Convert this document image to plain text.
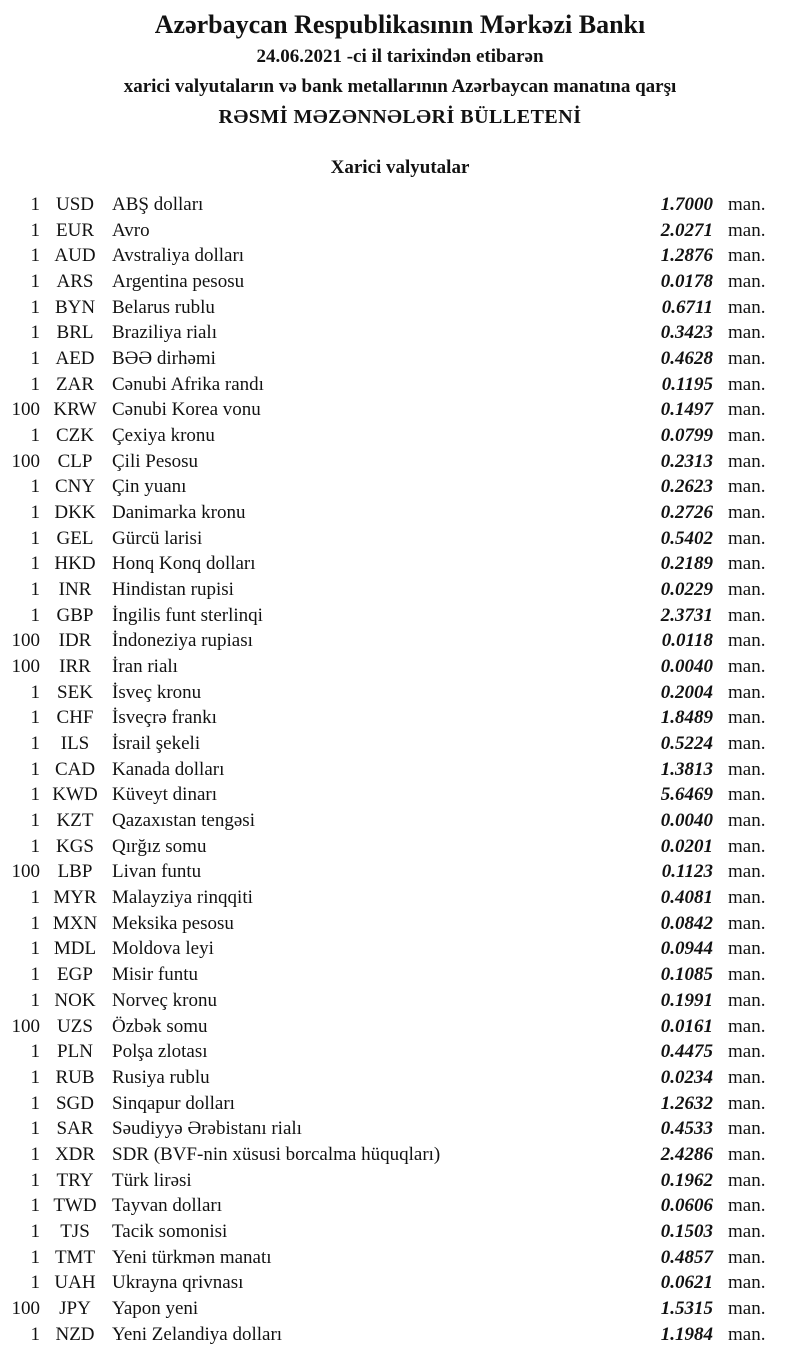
Azərbaycan Respublikasının Mərkəzi Bankı

24.06.2021 -ci il tarixindən etibarən

xarici valyutaların və bank metallarının Azərbaycan manatına qarşı

RƏSMİ MƏZƏNNƏLƏRİ BÜLLETENİ

Xarici valyutalar
1 USD ABŞ dolları	1.7000 man.
1 EUR Avro	2.0271 man.
1 AUD Avstraliya dolları	1.2876 man.
1 ARS Argentina pesosu	0.0178 man.
1 BYN Belarus rublu	0.6711 man.
1 BRL Braziliya rialı	0.3423 man.
1 AED BƏƏ dirhəmi	0.4628 man.
1 ZAR Cənubi Afrika randı	0.1195 man.
100 KRW Cənubi Korea vonu	0.1497 man.
1 CZK Çexiya kronu	0.0799 man.
100 CLP	Çili Pesosu	0.2313 man.
1 CNY Çin yuanı	0.2623 man.
1 DKK Danimarka kronu	0.2726 man.
1 GEL Gürcü larisi	0.5402 man.
1 HKD Honq Konq dolları	0.2189 man.
1 INR	Hindistan rupisi	0.0229 man.
1 GBP İngilis funt sterlinqi	2.3731 man.
100 IDR	İndoneziya rupiası	0.0118 man.
100	IRR	İran rialı	0.0040 man.
1 SEK	İsveç kronu	0.2004 man.
1 CHF İsveçrə frankı	1.8489 man.
1	ILS	İsrail şekeli	0.5224 man.
1 CAD Kanada dolları	1.3813 man.
1 KWD Küveyt dinarı	5.6469 man.
1 KZT Qazaxıstan tengəsi	0.0040 man.
1 KGS Qırğız somu	0.0201 man.
100 LBP	Livan funtu	0.1123 man.
1 MYR Malayziya rinqqiti	0.4081 man.
1 MXN Meksika pesosu	0.0842 man.
1 MDL Moldova leyi	0.0944 man.
1 EGP	Misir funtu	0.1085 man.
1 NOK Norveç kronu	0.1991 man.
100 UZS	Özbək somu	0.0161 man.
1 PLN	Polşa zlotası	0.4475 man.
1 RUB Rusiya rublu	0.0234 man.
1 SGD Sinqapur dolları	1.2632 man.
1 SAR Səudiyyə Ərəbistanı rialı	0.4533 man.
1 XDR SDR (BVF-nin xüsusi borcalma hüquqları)	2.4286 man.
1 TRY Türk lirəsi	0.1962 man.
1 TWD Tayvan dolları	0.0606 man.
1	TJS	Tacik somonisi	0.1503 man.
1 TMT Yeni türkmən manatı	0.4857 man.
1 UAH Ukrayna qrivnası	0.0621 man.
100	JPY	Yapon yeni	1.5315 man.
1 NZD Yeni Zelandiya dolları	1.1984 man.
